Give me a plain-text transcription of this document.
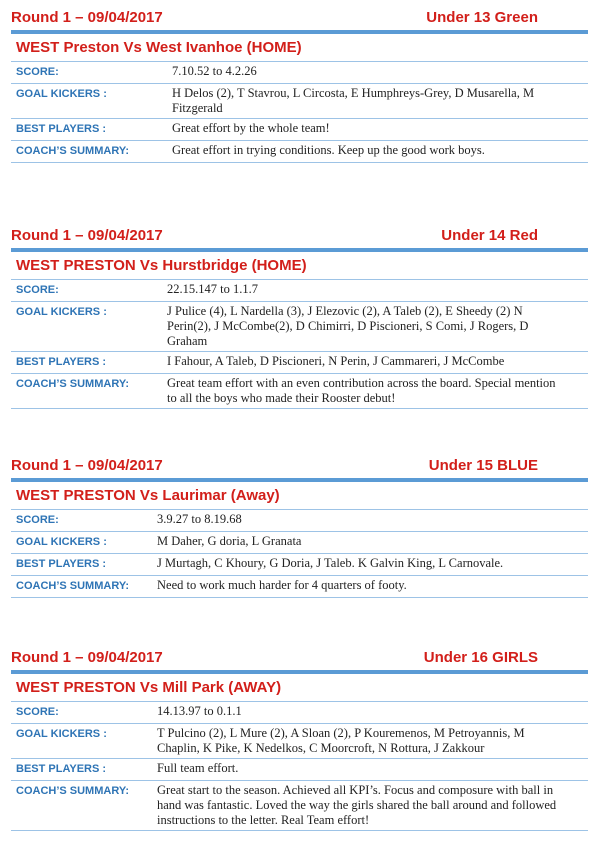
Round 1 – 09/04/2017	Under 13 Green
WEST Preston Vs West Ivanhoe (HOME)
SCORE:	7.10.52 to 4.2.26
GOAL KICKERS :	H Delos (2), T Stavrou, L Circosta, E Humphreys-Grey, D Musarella, M Fitzgerald
BEST PLAYERS :	Great effort by the whole team!
COACH’S SUMMARY:	Great effort in trying conditions. Keep up the good work boys.
Round 1 – 09/04/2017	Under 14 Red
WEST PRESTON Vs Hurstbridge (HOME)
SCORE:	22.15.147 to 1.1.7
GOAL KICKERS :	J Pulice (4), L Nardella (3), J Elezovic (2), A Taleb (2), E Sheedy (2) N Perin(2), J McCombe(2), D Chimirri, D Piscioneri, S Comi, J Rogers, D Graham
BEST PLAYERS :	I Fahour, A Taleb, D Piscioneri, N Perin, J Cammareri, J McCombe
COACH’S SUMMARY:	Great team effort with an even contribution across the board. Special mention to all the boys who made their Rooster debut!
Round 1 – 09/04/2017	Under 15 BLUE
WEST PRESTON Vs Laurimar (Away)
SCORE:	3.9.27 to 8.19.68
GOAL KICKERS :	M Daher, G doria, L Granata
BEST PLAYERS :	J Murtagh, C Khoury, G Doria, J Taleb. K Galvin King, L Carnovale.
COACH’S SUMMARY:	Need to work much harder for 4 quarters of footy.
Round 1 – 09/04/2017	Under 16 GIRLS
WEST PRESTON Vs Mill Park (AWAY)
SCORE:	14.13.97 to 0.1.1
GOAL KICKERS :	T Pulcino (2), L Mure (2), A Sloan (2), P Kouremenos, M Petroyannis, M Chaplin, K Pike, K Nedelkos, C Moorcroft, N Rottura, J Zakkour
BEST PLAYERS :	Full team effort.
COACH’S SUMMARY:	Great start to the season. Achieved all KPI’s. Focus and composure with ball in hand was fantastic. Loved the way the girls shared the ball around and followed instructions to the letter. Real Team effort!
